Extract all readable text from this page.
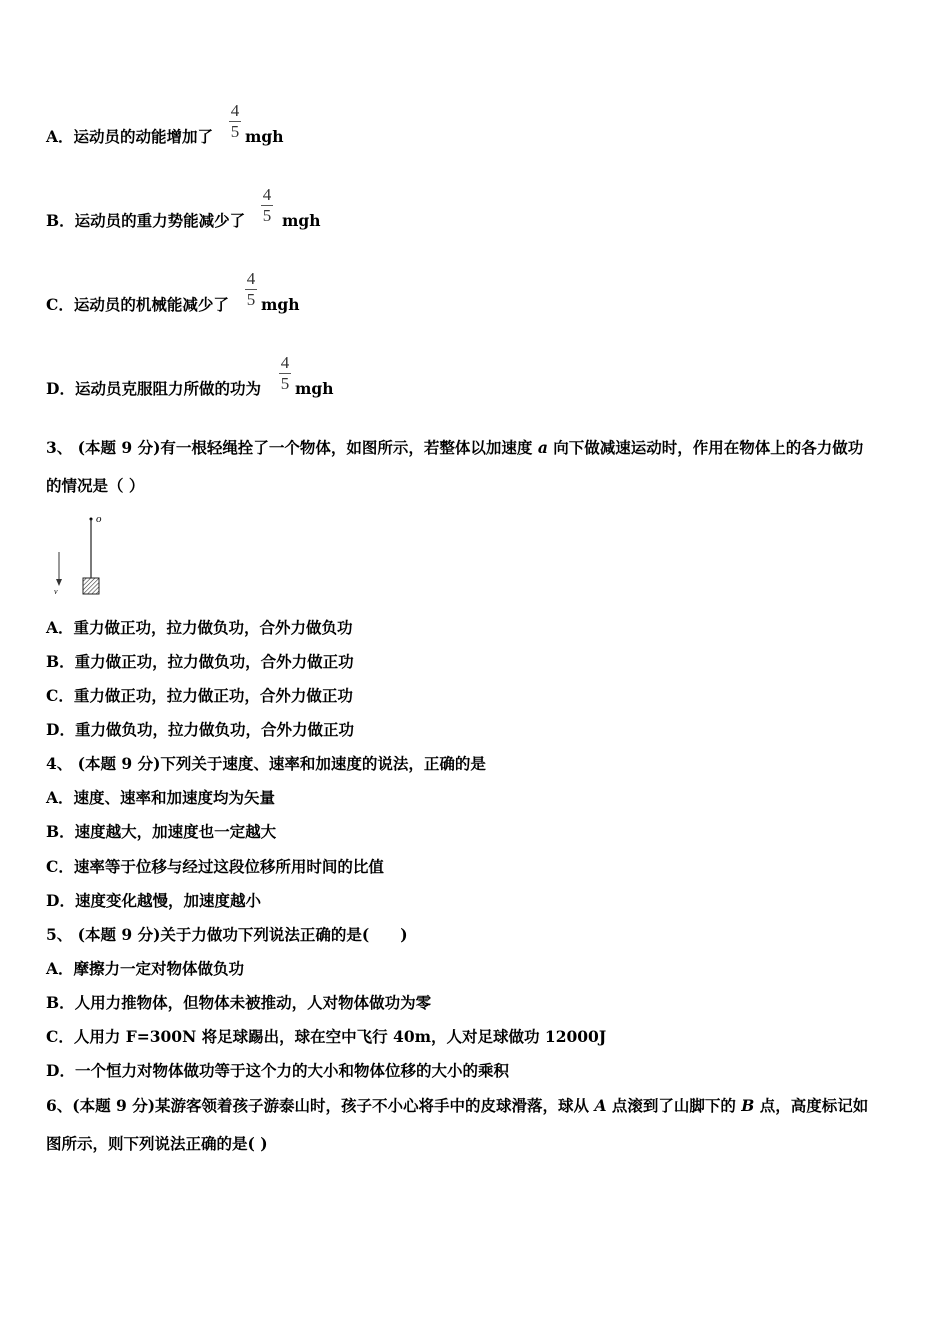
A．运动员的动能增加了
4
5 mgh
B．运动员的重力势能减少了
4
5 mgh
C．运动员的机械能减少了
4
5 mgh
D．运动员克服阻力所做的功为
4
5 mgh
3、 (本题 9 分)有一根轻绳拴了一个物体，如图所示，若整体以加速度 a 向下做减速运动时，作用在物体上的各力做功
的情况是（ ）
o
v
A．重力做正功，拉力做负功，合外力做负功
B．重力做正功，拉力做负功，合外力做正功
C．重力做正功，拉力做正功，合外力做正功
D．重力做负功，拉力做负功，合外力做正功
4、 (本题 9 分)下列关于速度、速率和加速度的说法，正确的是
A．速度、速率和加速度均为矢量
B．速度越大，加速度也一定越大
C．速率等于位移与经过这段位移所用时间的比值
D．速度变化越慢，加速度越小
5、 (本题 9 分)关于力做功下列说法正确的是(　　)
A．摩擦力一定对物体做负功
B．人用力推物体，但物体未被推动，人对物体做功为零
C．人用力 F=300N 将足球踢出，球在空中飞行 40m，人对足球做功 12000J
D．一个恒力对物体做功等于这个力的大小和物体位移的大小的乘积
6、(本题 9 分)某游客领着孩子游泰山时，孩子不小心将手中的皮球滑落，球从 A 点滚到了山脚下的 B 点，高度标记如
图所示，则下列说法正确的是( )
